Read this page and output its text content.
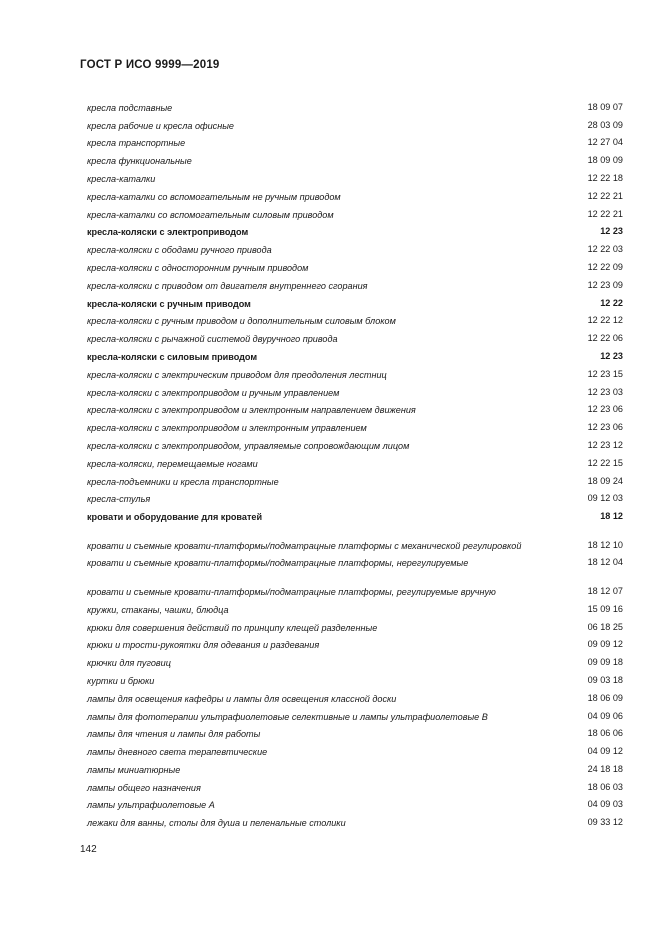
ГОСТ Р ИСО 9999—2019
кресла подставные	18 09 07
кресла рабочие и кресла офисные	28 03 09
кресла транспортные	12 27 04
кресла функциональные	18 09 09
кресла-каталки	12 22 18
кресла-каталки со вспомогательным не ручным приводом	12 22 21
кресла-каталки со вспомогательным силовым приводом	12 22 21
кресла-коляски с электроприводом	12 23
кресла-коляски с ободами ручного привода	12 22 03
кресла-коляски с односторонним ручным приводом	12 22 09
кресла-коляски с приводом от двигателя внутреннего сгорания	12 23 09
кресла-коляски с ручным приводом	12 22
кресла-коляски с ручным приводом и дополнительным силовым блоком	12 22 12
кресла-коляски с рычажной системой двуручного привода	12 22 06
кресла-коляски с силовым приводом	12 23
кресла-коляски с электрическим приводом для преодоления лестниц	12 23 15
кресла-коляски с электроприводом и ручным управлением	12 23 03
кресла-коляски с электроприводом и электронным направлением движения	12 23 06
кресла-коляски с электроприводом и электронным управлением	12 23 06
кресла-коляски с электроприводом, управляемые сопровождающим лицом	12 23 12
кресла-коляски, перемещаемые ногами	12 22 15
кресла-подъемники и кресла транспортные	18 09 24
кресла-стулья	09 12 03
кровати и оборудование для кроватей	18 12
кровати и съемные кровати-платформы/подматрацные платформы с механической регулировкой	18 12 10
кровати и съемные кровати-платформы/подматрацные платформы, нерегулируемые	18 12 04
кровати и съемные кровати-платформы/подматрацные платформы, регулируемые вручную	18 12 07
кружки, стаканы, чашки, блюдца	15 09 16
крюки для совершения действий по принципу клещей разделенные	06 18 25
крюки и трости-рукоятки для одевания и раздевания	09 09 12
крючки для пуговиц	09 09 18
куртки и брюки	09 03 18
лампы для освещения кафедры и лампы для освещения классной доски	18 06 09
лампы для фототерапии ультрафиолетовые селективные и лампы ультрафиолетовые B	04 09 06
лампы для чтения и лампы для работы	18 06 06
лампы дневного света терапевтические	04 09 12
лампы миниатюрные	24 18 18
лампы общего назначения	18 06 03
лампы ультрафиолетовые A	04 09 03
лежаки для ванны, столы для душа и пеленальные столики	09 33 12
142
